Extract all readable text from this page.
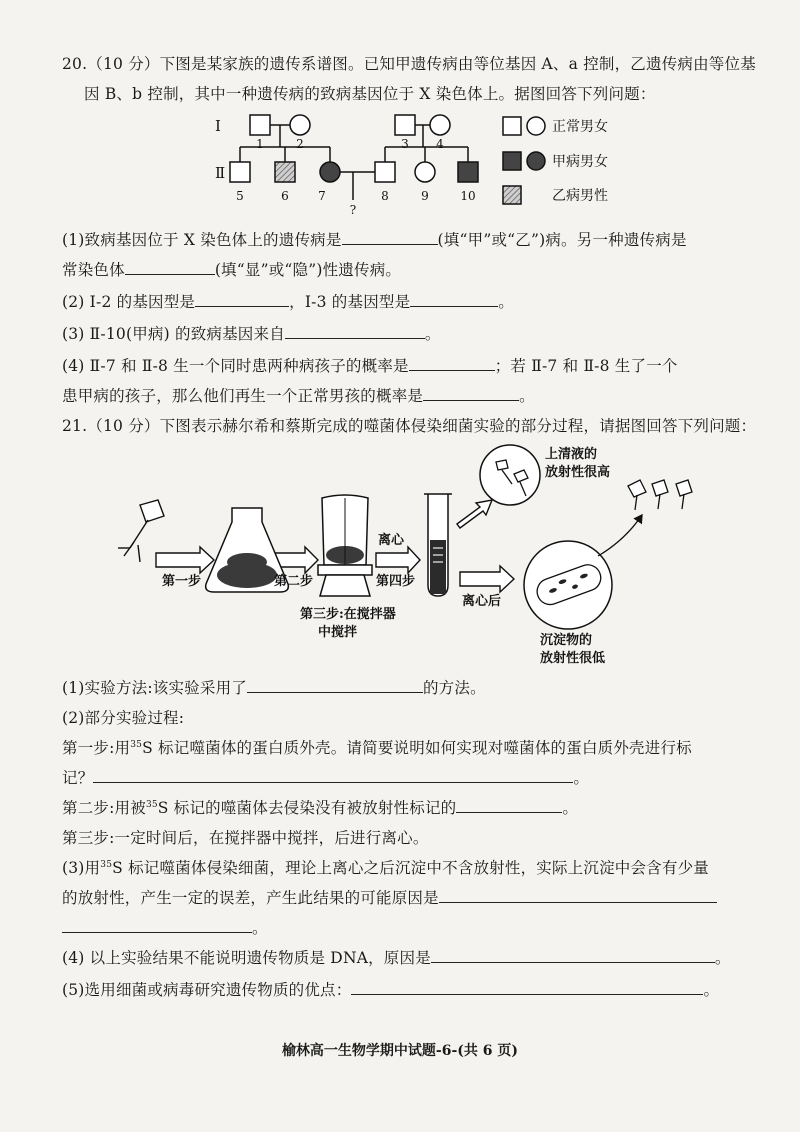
20.（10 分）下图是某家族的遗传系谱图。已知甲遗传病由等位基因 A、a 控制，乙遗传病由等位基
因 B、b 控制，其中一种遗传病的致病基因位于 X 染色体上。据图回答下列问题：
Ⅰ
Ⅱ
1	2	3 4
5	6 7	8	9	10
?
正常男女
甲病男女
乙病男性
(1)致病基因位于 X 染色体上的遗传病是	(填“甲”或“乙”)病。另一种遗传病是
常染色体	(填“显”或“隐”)性遗传病。
(2) Ⅰ-2 的基因型是	，Ⅰ-3 的基因型是	。
(3) Ⅱ-10(甲病) 的致病基因来自	。
(4) Ⅱ-7 和 Ⅱ-8 生一个同时患两种病孩子的概率是	；若 Ⅱ-7 和 Ⅱ-8 生了一个
患甲病的孩子，那么他们再生一个正常男孩的概率是	。
21.（10 分）下图表示赫尔希和蔡斯完成的噬菌体侵染细菌实验的部分过程，请据图回答下列问题：
第一步	第二步
第三步:在搅拌器
中搅拌
离心
第四步
离心后
上清液的
放射性很高
沉淀物的
放射性很低
(1)实验方法:该实验采用了	的方法。
(2)部分实验过程:
第一步:用$^{35}$S 标记噬菌体的蛋白质外壳。请简要说明如何实现对噬菌体的蛋白质外壳进行标
记？	。
第二步:用被$^{35}$S 标记的噬菌体去侵染没有被放射性标记的	。
第三步:一定时间后，在搅拌器中搅拌，后进行离心。
(3)用$^{35}$S 标记噬菌体侵染细菌，理论上离心之后沉淀中不含放射性，实际上沉淀中会含有少量
的放射性，产生一定的误差，产生此结果的可能原因是
。
(4) 以上实验结果不能说明遗传物质是 DNA，原因是	。
(5)选用细菌或病毒研究遗传物质的优点：	。
榆林高一生物学期中试题-6-(共 6 页)
